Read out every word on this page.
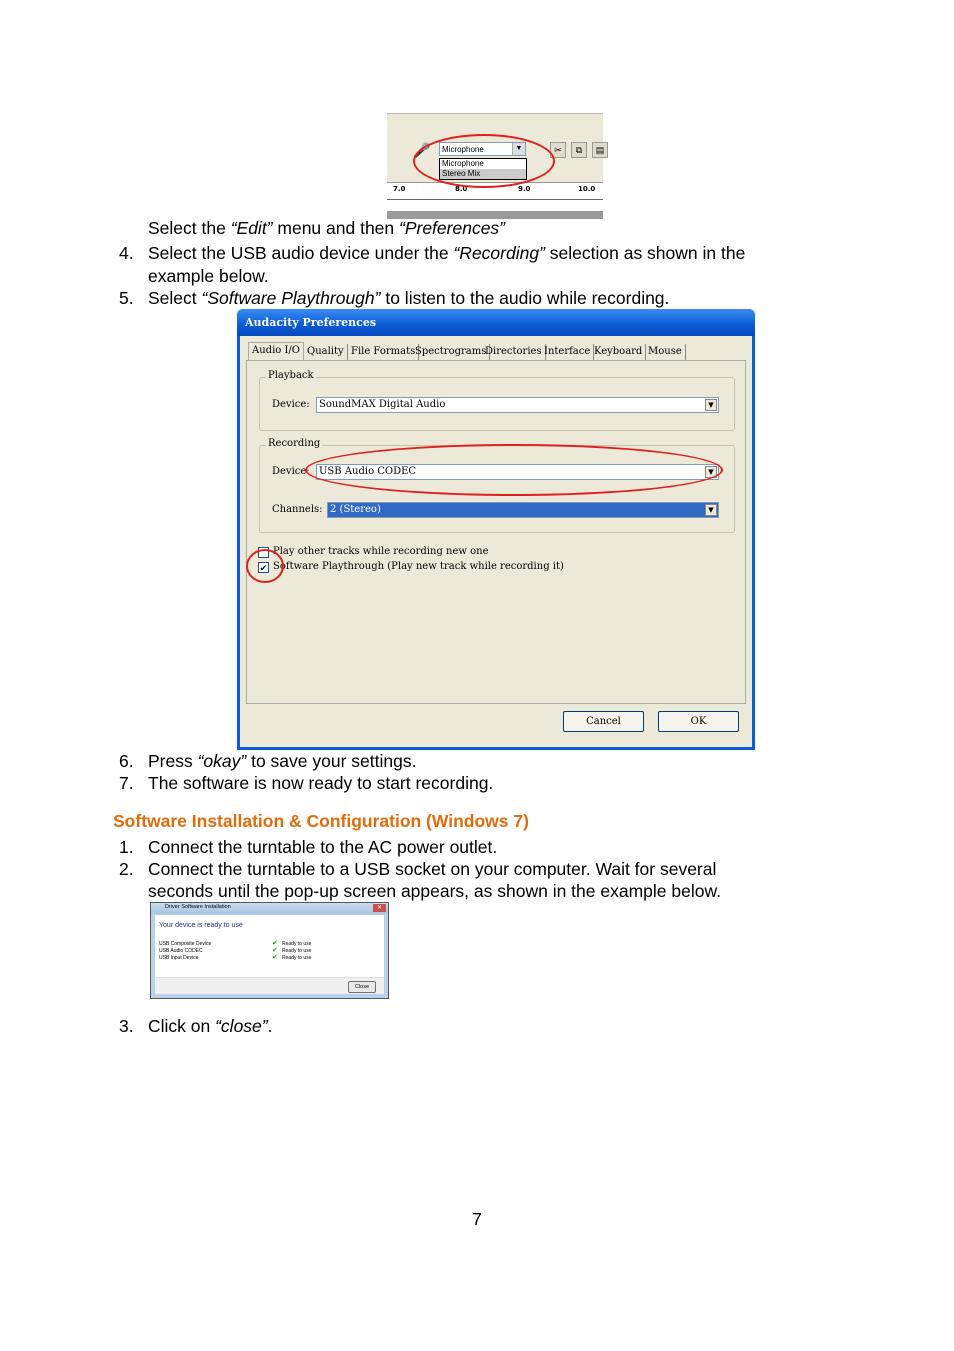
🎤	Microphone	▼
Microphone
Stereo Mix
✂	⧉	▤
7.0	8.0	9.0	10.0
Select the “Edit” menu and then “Preferences”
4. Select the USB audio device under the “Recording” selection as shown in the
example below.
5. Select “Software Playthrough” to listen to the audio while recording.
Audacity Preferences
Audio I/O Quality File Formats Spectrograms
Directories Interface Keyboard Mouse
Playback
Device: SoundMAX Digital Audio	▼
Recording
Device: USB Audio CODEC	▼
Channels: 2 (Stereo)	▼
Play other tracks while recording new one
✔ Software Playthrough (Play new track while recording it)
Cancel	OK
6. Press “okay” to save your settings.
7. The software is now ready to start recording.
Software Installation & Configuration (Windows 7)
1. Connect the turntable to the AC power outlet.
2. Connect the turntable to a USB socket on your computer. Wait for several
seconds until the pop-up screen appears, as shown in the example below.
Driver Software Installation	✕
Your device is ready to use
USB Composite Device	✔ Ready to use
USB Audio CODEC	✔ Ready to use
USB Input Device	✔ Ready to use
Close
3. Click on “close”.
7
